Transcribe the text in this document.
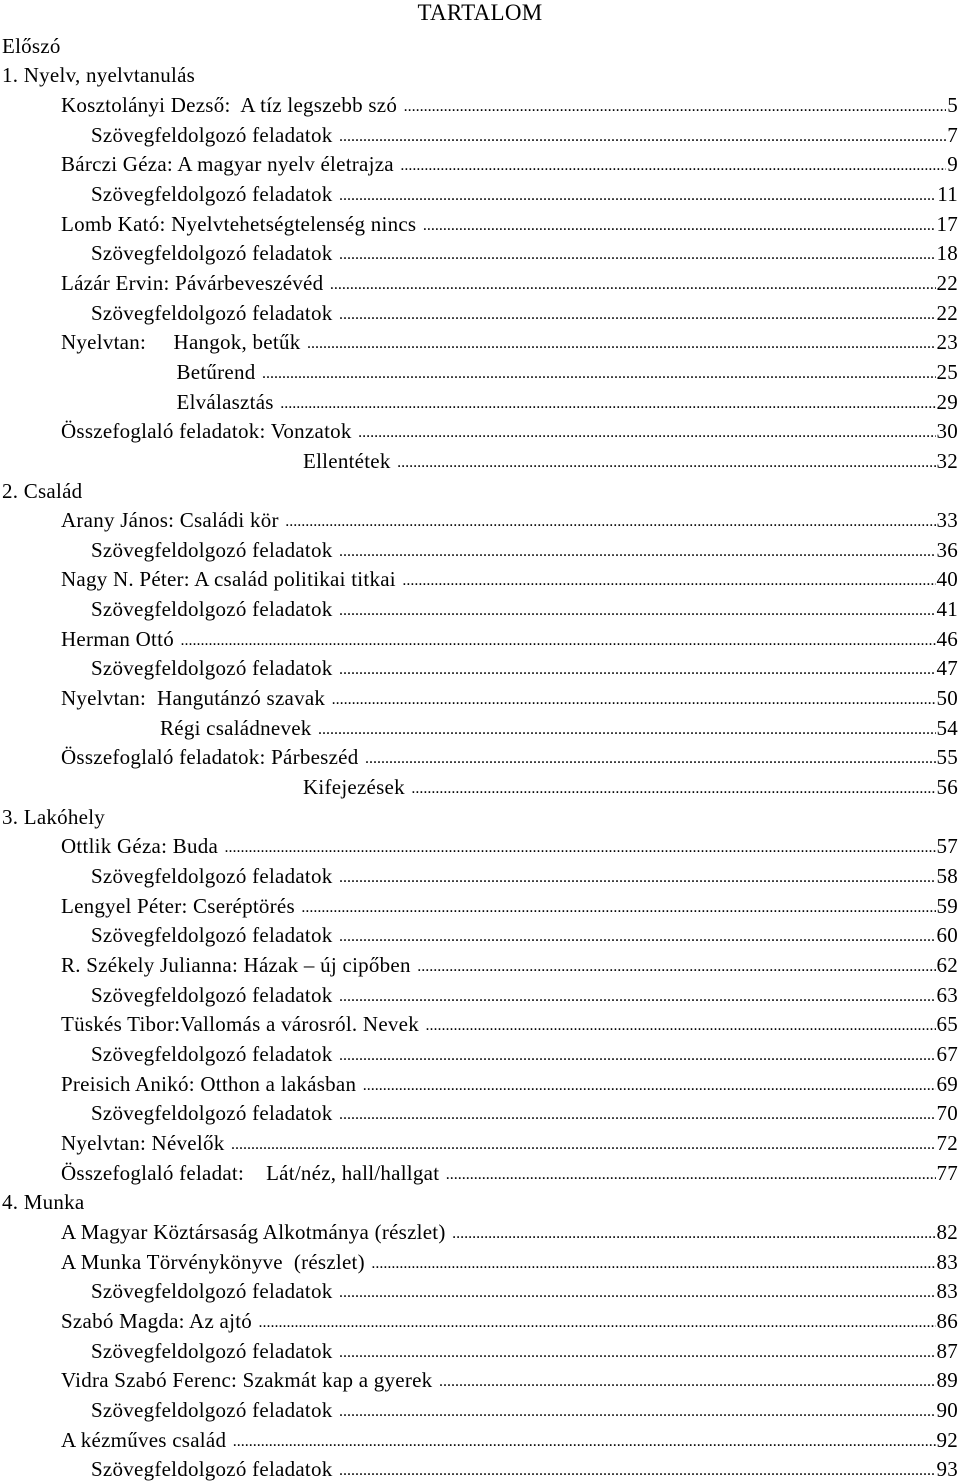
TARTALOM
Előszó
1. Nyelv, nyelvtanulás
Kosztolányi Dezső:  A tíz legszebb szó .....	5
Szövegfeldolgozó feladatok .....	7
Bárczi Géza: A magyar nyelv életrajza .....	9
Szövegfeldolgozó feladatok .....	11
Lomb Kató: Nyelvtehetségtelenség nincs .....	17
Szövegfeldolgozó feladatok .....	18
Lázár Ervin: Pávárbeveszévéd .....	22
Szövegfeldolgozó feladatok .....	22
Nyelvtan:     Hangok, betűk .....	23
Betűrend .....	25
Elválasztás .....	29
Összefoglaló feladatok: Vonzatok .....	30
Ellentétek .....	32
2. Család
Arany János: Családi kör .....	33
Szövegfeldolgozó feladatok .....	36
Nagy N. Péter: A család politikai titkai .....	40
Szövegfeldolgozó feladatok .....	41
Herman Ottó .....	46
Szövegfeldolgozó feladatok .....	47
Nyelvtan:  Hangutánzó szavak .....	50
Régi családnevek .....	54
Összefoglaló feladatok: Párbeszéd .....	55
Kifejezések .....	56
3. Lakóhely
Ottlik Géza: Buda .....	57
Szövegfeldolgozó feladatok .....	58
Lengyel Péter: Cseréptörés .....	59
Szövegfeldolgozó feladatok .....	60
R. Székely Julianna: Házak – új cipőben .....	62
Szövegfeldolgozó feladatok .....	63
Tüskés Tibor:Vallomás a városról. Nevek .....	65
Szövegfeldolgozó feladatok .....	67
Preisich Anikó: Otthon a lakásban .....	69
Szövegfeldolgozó feladatok .....	70
Nyelvtan: Névelők .....	72
Összefoglaló feladat:    Lát/néz, hall/hallgat .....	77
4. Munka
A Magyar Köztársaság Alkotmánya (részlet) .....	82
A Munka Törvénykönyve  (részlet) .....	83
Szövegfeldolgozó feladatok .....	83
Szabó Magda: Az ajtó .....	86
Szövegfeldolgozó feladatok .....	87
Vidra Szabó Ferenc: Szakmát kap a gyerek .....	89
Szövegfeldolgozó feladatok .....	90
A kézműves család .....	92
Szövegfeldolgozó feladatok .....	93
